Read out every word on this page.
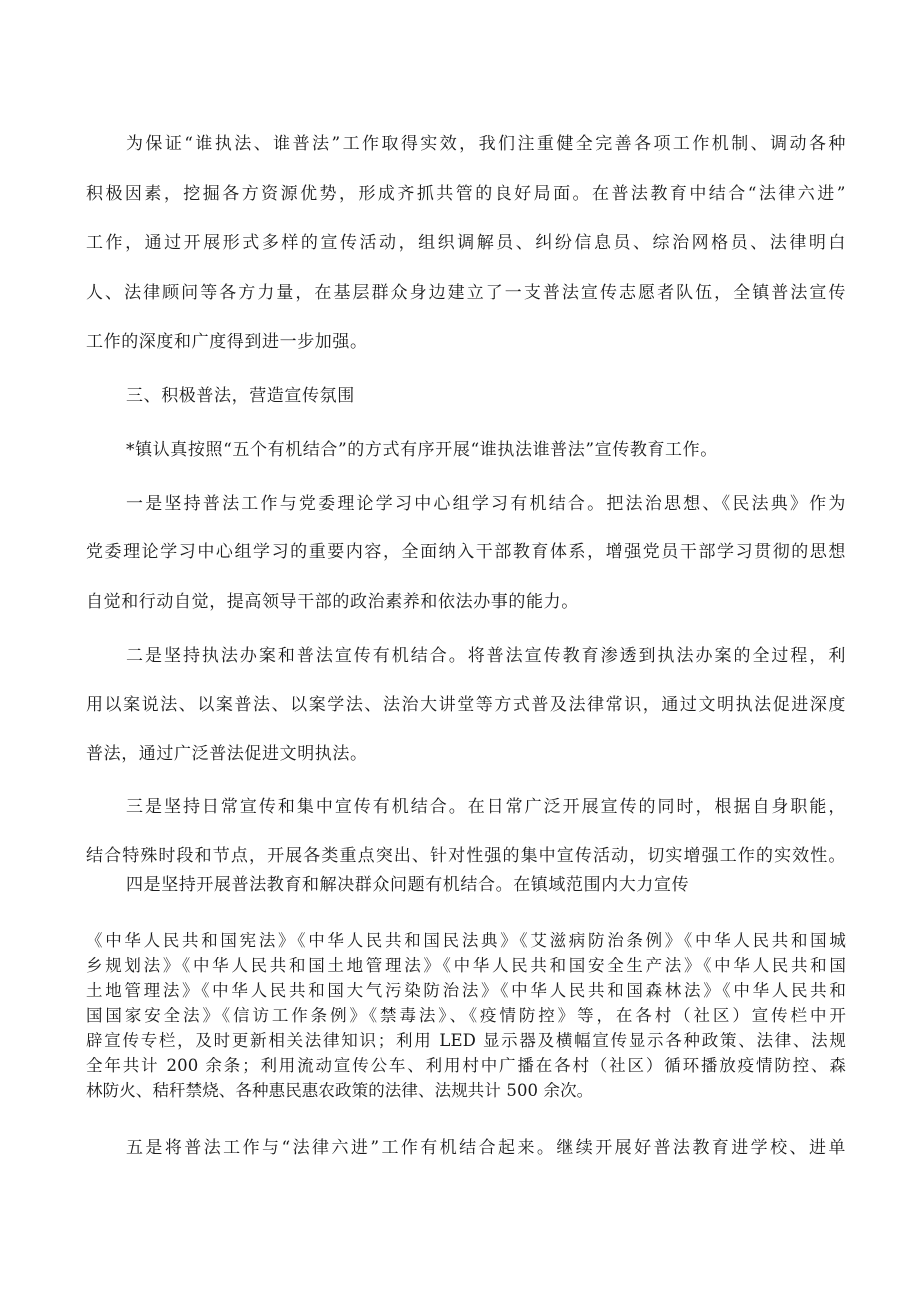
为保证“谁执法、谁普法”工作取得实效，我们注重健全完善各项工作机制、调动各种
积极因素，挖掘各方资源优势，形成齐抓共管的良好局面。在普法教育中结合“法律六进”
工作，通过开展形式多样的宣传活动，组织调解员、纠纷信息员、综治网格员、法律明白
人、法律顾问等各方力量，在基层群众身边建立了一支普法宣传志愿者队伍，全镇普法宣传
工作的深度和广度得到进一步加强。
三、积极普法，营造宣传氛围
*镇认真按照“五个有机结合”的方式有序开展“谁执法谁普法”宣传教育工作。
一是坚持普法工作与党委理论学习中心组学习有机结合。把法治思想、《民法典》作为
党委理论学习中心组学习的重要内容，全面纳入干部教育体系，增强党员干部学习贯彻的思想
自觉和行动自觉，提高领导干部的政治素养和依法办事的能力。
二是坚持执法办案和普法宣传有机结合。将普法宣传教育渗透到执法办案的全过程，利
用以案说法、以案普法、以案学法、法治大讲堂等方式普及法律常识，通过文明执法促进深度
普法，通过广泛普法促进文明执法。
三是坚持日常宣传和集中宣传有机结合。在日常广泛开展宣传的同时，根据自身职能，
结合特殊时段和节点，开展各类重点突出、针对性强的集中宣传活动，切实增强工作的实效性。
四是坚持开展普法教育和解决群众问题有机结合。在镇域范围内大力宣传
《中华人民共和国宪法》《中华人民共和国民法典》《艾滋病防治条例》《中华人民共和国城
乡规划法》《中华人民共和国土地管理法》《中华人民共和国安全生产法》《中华人民共和国
土地管理法》《中华人民共和国大气污染防治法》《中华人民共和国森林法》《中华人民共和
国国家安全法》《信访工作条例》《禁毒法》、《疫情防控》等，在各村（社区）宣传栏中开
辟宣传专栏，及时更新相关法律知识；利用 LED 显示器及横幅宣传显示各种政策、法律、法规
全年共计 200 余条；利用流动宣传公车、利用村中广播在各村（社区）循环播放疫情防控、森
林防火、秸秆禁烧、各种惠民惠农政策的法律、法规共计 500 余次。
五是将普法工作与“法律六进”工作有机结合起来。继续开展好普法教育进学校、进单
